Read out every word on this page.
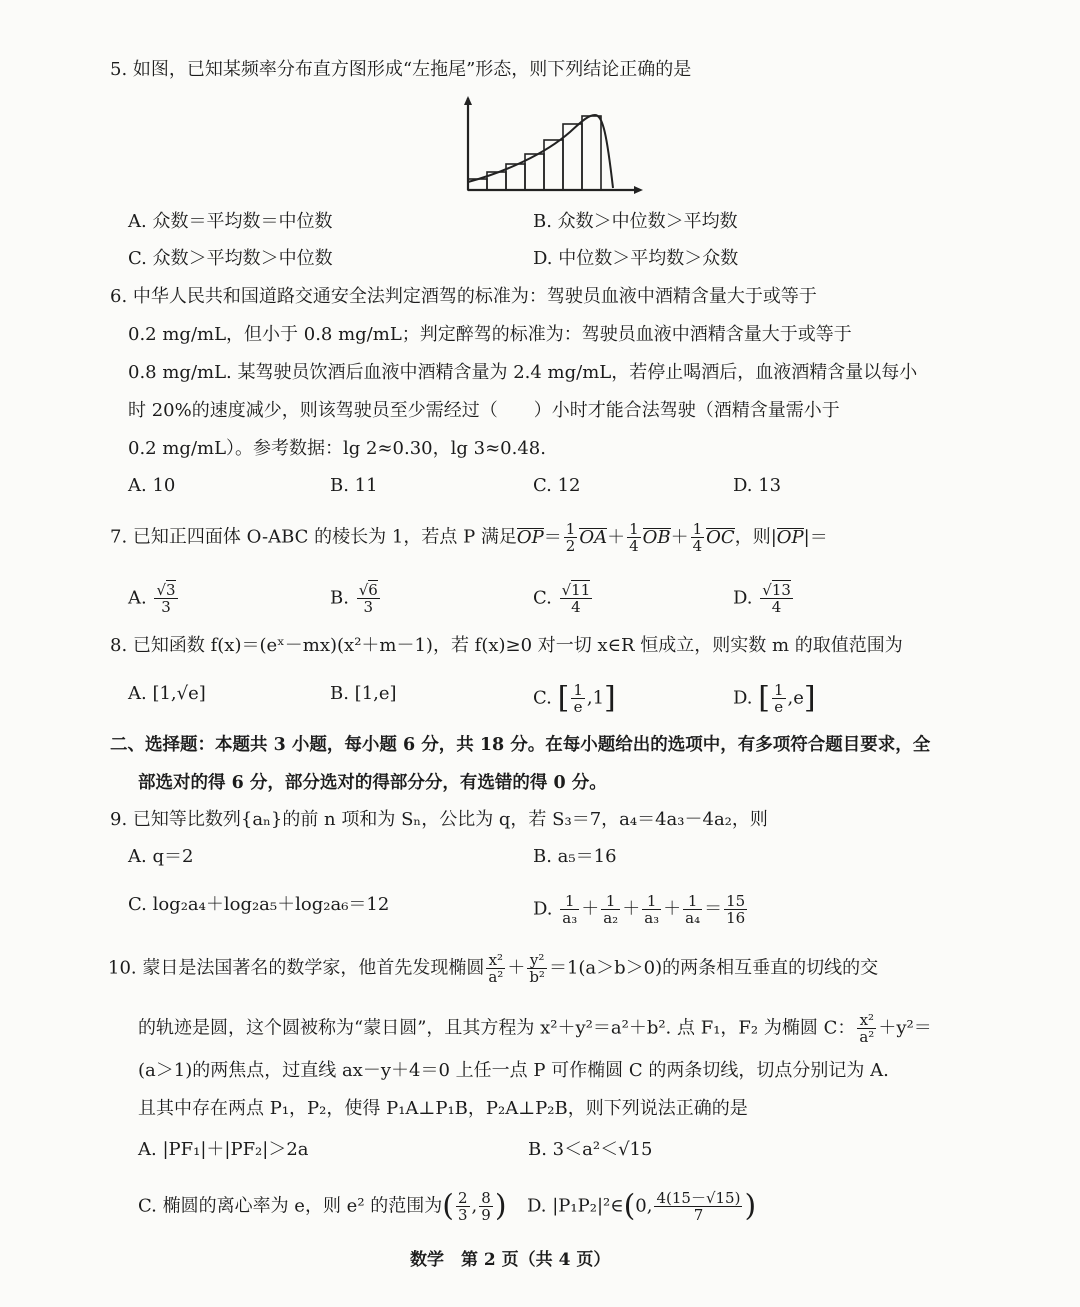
5. 如图，已知某频率分布直方图形成“左拖尾”形态，则下列结论正确的是
A. 众数＝平均数＝中位数	B. 众数＞中位数＞平均数
C. 众数＞平均数＞中位数	D. 中位数＞平均数＞众数
6. 中华人民共和国道路交通安全法判定酒驾的标准为：驾驶员血液中酒精含量大于或等于
0.2 mg/mL，但小于 0.8 mg/mL；判定醉驾的标准为：驾驶员血液中酒精含量大于或等于
0.8 mg/mL. 某驾驶员饮酒后血液中酒精含量为 2.4 mg/mL，若停止喝酒后，血液酒精含量以每小
时 20%的速度减少，则该驾驶员至少需经过（　　）小时才能合法驾驶（酒精含量需小于
0.2 mg/mL）。参考数据：lg 2≈0.30，lg 3≈0.48.
A. 10	B. 11	C. 12	D. 13
7. 已知正四面体 O-ABC 的棱长为 1，若点 P 满足$OP= \frac{1}{2} OA+ \frac{1}{4} OB+ \frac{1}{4}$ OC，则|OP|＝
A. $\frac{√3}{3}$	B. $\frac{√6}{3}$	C. $\frac{√11}{4}$	D. $\frac{√13}{4}$
8. 已知函数 f(x)＝(eˣ－mx)(x²＋m－1)，若 f(x)≥0 对一切 x∈R 恒成立，则实数 m 的取值范围为
A. [1,√e]	B. [1,e]	C. [ $\frac{1}{e} ,1$]	D. [ $\frac{1}{e} ,e$]
二、选择题：本题共 3 小题，每小题 6 分，共 18 分。在每小题给出的选项中，有多项符合题目要求，全
部选对的得 6 分，部分选对的得部分分，有选错的得 0 分。
9. 已知等比数列{aₙ}的前 n 项和为 Sₙ，公比为 q，若 S₃＝7，a₄＝4a₃－4a₂，则
A. q＝2	B. a₅＝16
C. log₂a₄＋log₂a₅＋log₂a₆＝12	D. $\frac{1}{\text{a₃}} + \frac{1}{\text{a₂}} + \frac{1}{\text{a₃}} + \frac{1}{\text{a₄}} = \frac{15}{16}$
10. 蒙日是法国著名的数学家，他首先发现椭圆 $\frac{\text{x²}}{\text{a²}} + \frac{\text{y²}}{\text{b²}} =1(a>b>0)$的两条相互垂直的切线的交
的轨迹是圆，这个圆被称为“蒙日圆”，且其方程为 x²＋y²＝a²＋b². 点 F₁，F₂ 为椭圆 C： $\frac{\text{x²}}{\text{a²}} +y^2=$
(a＞1)的两焦点，过直线 ax－y＋4＝0 上任一点 P 可作椭圆 C 的两条切线，切点分别记为 A.
且其中存在两点 P₁，P₂，使得 P₁A⊥P₁B，P₂A⊥P₂B，则下列说法正确的是
A. |PF₁|＋|PF₂|＞2a	B. 3＜a²＜√15
C. 椭圆的离心率为 e，则 e² 的范围为( $\frac{2}{3}$ , $\frac{8}{9}$ ) D. |P₁P₂|²∈(0, $\frac{4(15-√15)}{7}$ )
数学　第 2 页（共 4 页）
